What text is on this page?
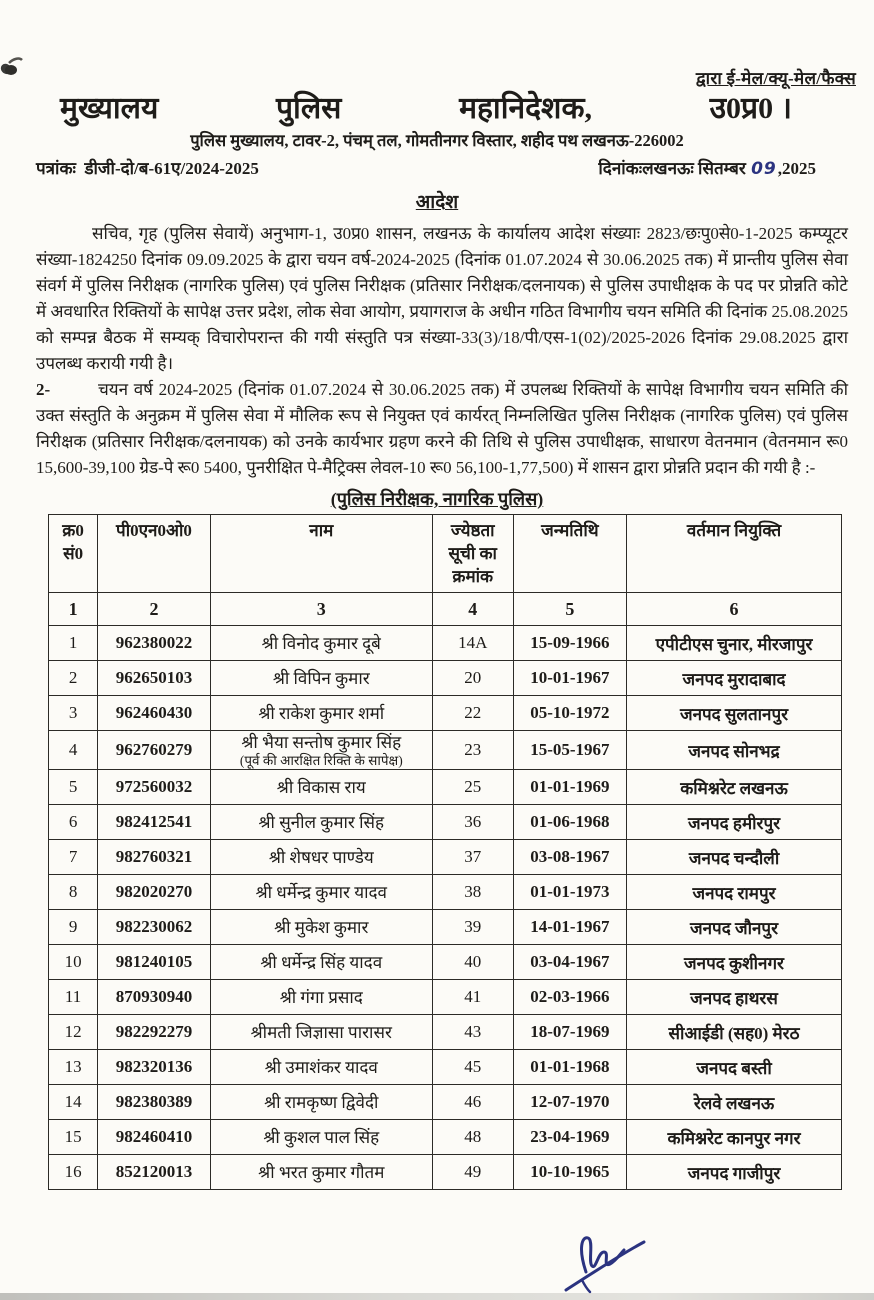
द्वारा ई-मेल/क्यू-मेल/फैक्स
मुख्यालय	पुलिस	महानिदेशक,	उ0प्र0 ।
पुलिस मुख्यालय, टावर-2, पंचम् तल, गोमतीनगर विस्तार, शहीद पथ लखनऊ-226002
पत्रांकः डीजी-दो/ब-61ए/2024-2025	दिनांकःलखनऊः सितम्बर 09,2025
आदेश

सचिव, गृह (पुलिस सेवायें) अनुभाग-1, उ0प्र0 शासन, लखनऊ के कार्यालय आदेश संख्याः 2823/छःपु0से0-1-2025 कम्प्यूटर संख्या-1824250 दिनांक 09.09.2025 के द्वारा चयन वर्ष-2024-2025 (दिनांक 01.07.2024 से 30.06.2025 तक) में प्रान्तीय पुलिस सेवा संवर्ग में पुलिस निरीक्षक (नागरिक पुलिस) एवं पुलिस निरीक्षक (प्रतिसार निरीक्षक/दलनायक) से पुलिस उपाधीक्षक के पद पर प्रोन्नति कोटे में अवधारित रिक्तियों के सापेक्ष उत्तर प्रदेश, लोक सेवा आयोग, प्रयागराज के अधीन गठित विभागीय चयन समिति की दिनांक 25.08.2025 को सम्पन्न बैठक में सम्यक् विचारोपरान्त की गयी संस्तुति पत्र संख्या-33(3)/18/पी/एस-1(02)/2025-2026 दिनांक 29.08.2025 द्वारा उपलब्ध करायी गयी है।

2-	चयन वर्ष 2024-2025 (दिनांक 01.07.2024 से 30.06.2025 तक) में उपलब्ध रिक्तियों के सापेक्ष विभागीय चयन समिति की उक्त संस्तुति के अनुक्रम में पुलिस सेवा में मौलिक रूप से नियुक्त एवं कार्यरत् निम्नलिखित पुलिस निरीक्षक (नागरिक पुलिस) एवं पुलिस निरीक्षक (प्रतिसार निरीक्षक/दलनायक) को उनके कार्यभार ग्रहण करने की तिथि से पुलिस उपाधीक्षक, साधारण वेतनमान (वेतनमान रू0 15,600-39,100 ग्रेड-पे रू0 5400, पुनरीक्षित पे-मैट्रिक्स लेवल-10 रू0 56,100-1,77,500) में शासन द्वारा प्रोन्नति प्रदान की गयी है :-

(पुलिस निरीक्षक, नागरिक पुलिस)
क्र0 सं0	पी0एन0ओ0	नाम	ज्येष्ठता सूची का क्रमांक	जन्मतिथि	वर्तमान नियुक्ति
1	2	3	4	5	6
1	962380022	श्री विनोद कुमार दूबे	14A	15-09-1966	एपीटीएस चुनार, मीरजापुर
2	962650103	श्री विपिन कुमार	20	10-01-1967	जनपद मुरादाबाद
3	962460430	श्री राकेश कुमार शर्मा	22	05-10-1972	जनपद सुलतानपुर
4	962760279	श्री भैया सन्तोष कुमार सिंह
(पूर्व की आरक्षित रिक्ति के सापेक्ष)	23	15-05-1967	जनपद सोनभद्र
5	972560032	श्री विकास राय	25	01-01-1969	कमिश्नरेट लखनऊ
6	982412541	श्री सुनील कुमार सिंह	36	01-06-1968	जनपद हमीरपुर
7	982760321	श्री शेषधर पाण्डेय	37	03-08-1967	जनपद चन्दौली
8	982020270	श्री धर्मेन्द्र कुमार यादव	38	01-01-1973	जनपद रामपुर
9	982230062	श्री मुकेश कुमार	39	14-01-1967	जनपद जौनपुर
10	981240105	श्री धर्मेन्द्र सिंह यादव	40	03-04-1967	जनपद कुशीनगर
11	870930940	श्री गंगा प्रसाद	41	02-03-1966	जनपद हाथरस
12	982292279	श्रीमती जिज्ञासा पारासर	43	18-07-1969	सीआईडी (सह0) मेरठ
13	982320136	श्री उमाशंकर यादव	45	01-01-1968	जनपद बस्ती
14	982380389	श्री रामकृष्ण द्विवेदी	46	12-07-1970	रेलवे लखनऊ
15	982460410	श्री कुशल पाल सिंह	48	23-04-1969	कमिश्नरेट कानपुर नगर
16	852120013	श्री भरत कुमार गौतम	49	10-10-1965	जनपद गाजीपुर
